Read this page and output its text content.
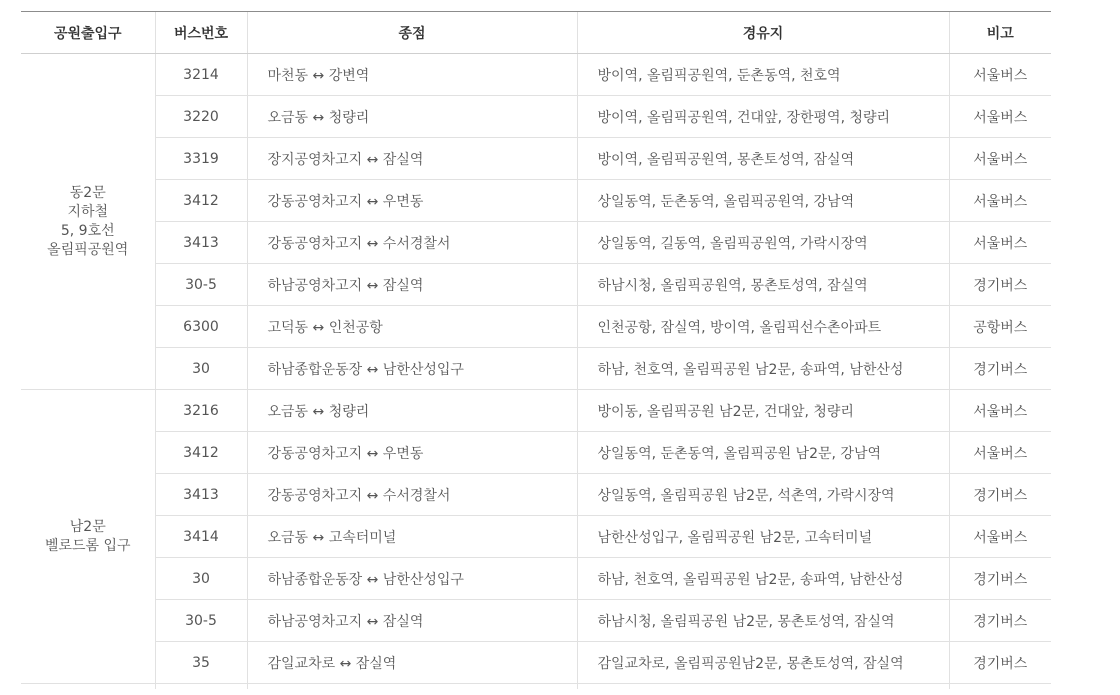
공원출입구	버스번호	종점	경유지	비고

동2문
지하철
5, 9호선
올림픽공원역	3214	마천동 ↔ 강변역	방이역, 올림픽공원역, 둔촌동역, 천호역	서울버스
	3220	오금동 ↔ 청량리	방이역, 올림픽공원역, 건대앞, 장한평역, 청량리	서울버스
	3319	장지공영차고지 ↔ 잠실역	방이역, 올림픽공원역, 몽촌토성역, 잠실역	서울버스
	3412	강동공영차고지 ↔ 우면동	상일동역, 둔촌동역, 올림픽공원역, 강남역	서울버스
	3413	강동공영차고지 ↔ 수서경찰서	상일동역, 길동역, 올림픽공원역, 가락시장역	서울버스
	30-5	하남공영차고지 ↔ 잠실역	하남시청, 올림픽공원역, 몽촌토성역, 잠실역	경기버스
	6300	고덕동 ↔ 인천공항	인천공항, 잠실역, 방이역, 올림픽선수촌아파트	공항버스
	30	하남종합운동장 ↔ 남한산성입구	하남, 천호역, 올림픽공원 남2문, 송파역, 남한산성	경기버스

남2문
벨로드롬 입구	3216	오금동 ↔ 청량리	방이동, 올림픽공원 남2문, 건대앞, 청량리	서울버스
	3412	강동공영차고지 ↔ 우면동	상일동역, 둔촌동역, 올림픽공원 남2문, 강남역	서울버스
	3413	강동공영차고지 ↔ 수서경찰서	상일동역, 올림픽공원 남2문, 석촌역, 가락시장역	경기버스
	3414	오금동 ↔ 고속터미널	남한산성입구, 올림픽공원 남2문, 고속터미널	서울버스
	30	하남종합운동장 ↔ 남한산성입구	하남, 천호역, 올림픽공원 남2문, 송파역, 남한산성	경기버스
	30-5	하남공영차고지 ↔ 잠실역	하남시청, 올림픽공원 남2문, 몽촌토성역, 잠실역	경기버스
	35	감일교차로 ↔ 잠실역	감일교차로, 올림픽공원남2문, 몽촌토성역, 잠실역	경기버스
